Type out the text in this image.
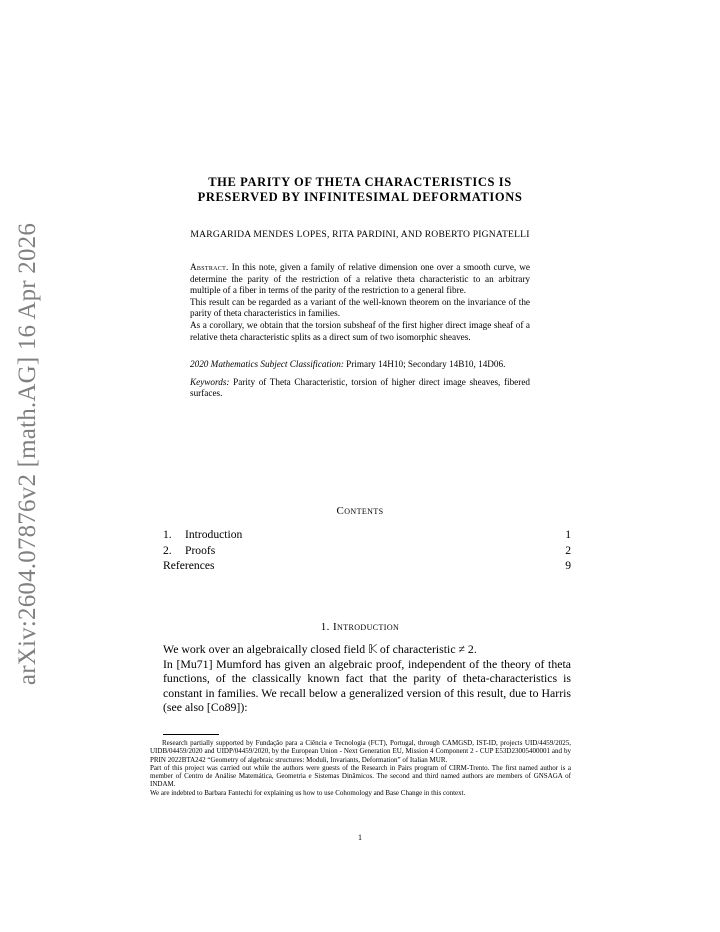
arXiv:2604.07876v2 [math.AG] 16 Apr 2026
THE PARITY OF THETA CHARACTERISTICS IS
PRESERVED BY INFINITESIMAL DEFORMATIONS
MARGARIDA MENDES LOPES, RITA PARDINI, AND ROBERTO PIGNATELLI

Abstract. In this note, given a family of relative dimension one over a smooth curve, we determine the parity of the restriction of a relative theta characteristic to an arbitrary multiple of a fiber in terms of the parity of the restriction to a general fibre.

This result can be regarded as a variant of the well-known theorem on the invariance of the parity of theta characteristics in families.

As a corollary, we obtain that the torsion subsheaf of the first higher direct image sheaf of a relative theta characteristic splits as a direct sum of two isomorphic sheaves.

2020 Mathematics Subject Classification: Primary 14H10; Secondary 14B10, 14D06.

Keywords: Parity of Theta Characteristic, torsion of higher direct image sheaves, fibered surfaces.

Contents
1. Introduction	1
2. Proofs	2
References	9
1. Introduction

We work over an algebraically closed field 𝕂 of characteristic ≠ 2.

In [Mu71] Mumford has given an algebraic proof, independent of the theory of theta functions, of the classically known fact that the parity of theta-characteristics is constant in families. We recall below a generalized version of this result, due to Harris (see also [Co89]):

Research partially supported by Fundação para a Ciência e Tecnologia (FCT), Portugal, through CAMGSD, IST-ID, projects UID/4459/2025, UIDB/04459/2020 and UIDP/04459/2020, by the European Union - Next Generation EU, Mission 4 Component 2 - CUP E53D23005400001 and by PRIN 2022BTA242 “Geometry of algebraic structures: Moduli, Invariants, Deformation” of Italian MUR.

Part of this project was carried out while the authors were guests of the Research in Pairs program of CIRM-Trento. The first named author is a member of Centro de Análise Matemática, Geometria e Sistemas Dinâmicos. The second and third named authors are members of GNSAGA of INDAM.

We are indebted to Barbara Fantechi for explaining us how to use Cohomology and Base Change in this context.

1
